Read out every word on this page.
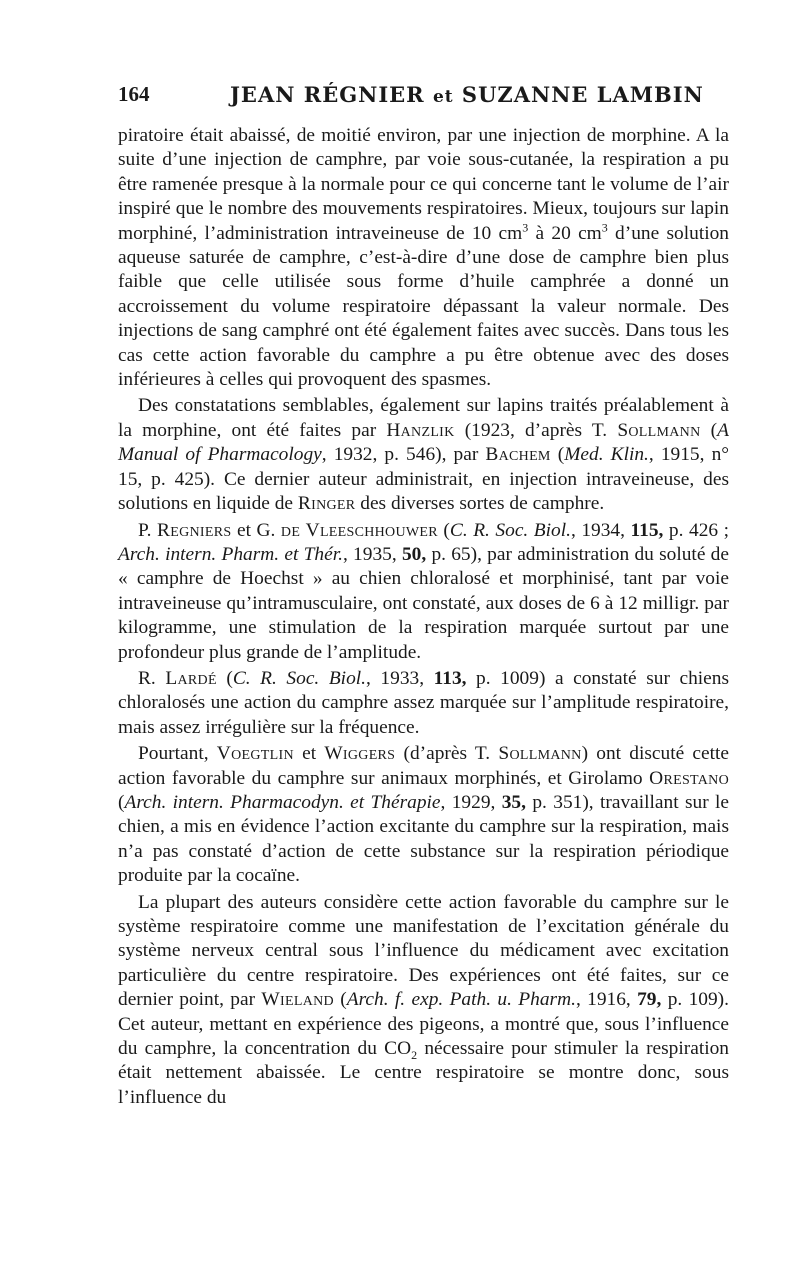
164	JEAN RÉGNIER et SUZANNE LAMBIN

piratoire était abaissé, de moitié environ, par une injection de morphine. A la suite d’une injection de camphre, par voie sous-cutanée, la respiration a pu être ramenée presque à la normale pour ce qui concerne tant le volume de l’air inspiré que le nombre des mouvements respiratoires. Mieux, toujours sur lapin morphiné, l’administration intraveineuse de 10 $cm^3$ à 20 $cm^3$ d’une solution aqueuse saturée de camphre, c’est-à-dire d’une dose de camphre bien plus faible que celle utilisée sous forme d’huile camphrée a donné un accroissement du volume respiratoire dépassant la valeur normale. Des injections de sang camphré ont été également faites avec succès. Dans tous les cas cette action favorable du camphre a pu être obtenue avec des doses inférieures à celles qui provoquent des spasmes.

Des constatations semblables, également sur lapins traités préalablement à la morphine, ont été faites par Hanzlik (1923, d’après T. Sollmann (A Manual of Pharmacology, 1932, p. 546), par Bachem (Med. Klin., 1915, n° 15, p. 425). Ce dernier auteur administrait, en injection intraveineuse, des solutions en liquide de Ringer des diverses sortes de camphre.

P. Regniers et G. de Vleeschhouwer (C. R. Soc. Biol., 1934, 115, p. 426 ; Arch. intern. Pharm. et Thér., 1935, 50, p. 65), par administration du soluté de « camphre de Hoechst » au chien chloralosé et morphinisé, tant par voie intraveineuse qu’intramusculaire, ont constaté, aux doses de 6 à 12 milligr. par kilogramme, une stimulation de la respiration marquée surtout par une profondeur plus grande de l’amplitude.

R. Lardé (C. R. Soc. Biol., 1933, 113, p. 1009) a constaté sur chiens chloralosés une action du camphre assez marquée sur l’amplitude respiratoire, mais assez irrégulière sur la fréquence.

Pourtant, Voegtlin et Wiggers (d’après T. Sollmann) ont discuté cette action favorable du camphre sur animaux morphinés, et Girolamo Orestano (Arch. intern. Pharmacodyn. et Thérapie, 1929, 35, p. 351), travaillant sur le chien, a mis en évidence l’action excitante du camphre sur la respiration, mais n’a pas constaté d’action de cette substance sur la respiration périodique produite par la cocaïne.

La plupart des auteurs considère cette action favorable du camphre sur le système respiratoire comme une manifestation de l’excitation générale du système nerveux central sous l’influence du médicament avec excitation particulière du centre respiratoire. Des expériences ont été faites, sur ce dernier point, par Wieland (Arch. f. exp. Path. u. Pharm., 1916, 79, p. 109). Cet auteur, mettant en expérience des pigeons, a montré que, sous l’influence du camphre, la concentration du $CO_2$ nécessaire pour stimuler la respiration était nettement abaissée. Le centre respiratoire se montre donc, sous l’influence du
